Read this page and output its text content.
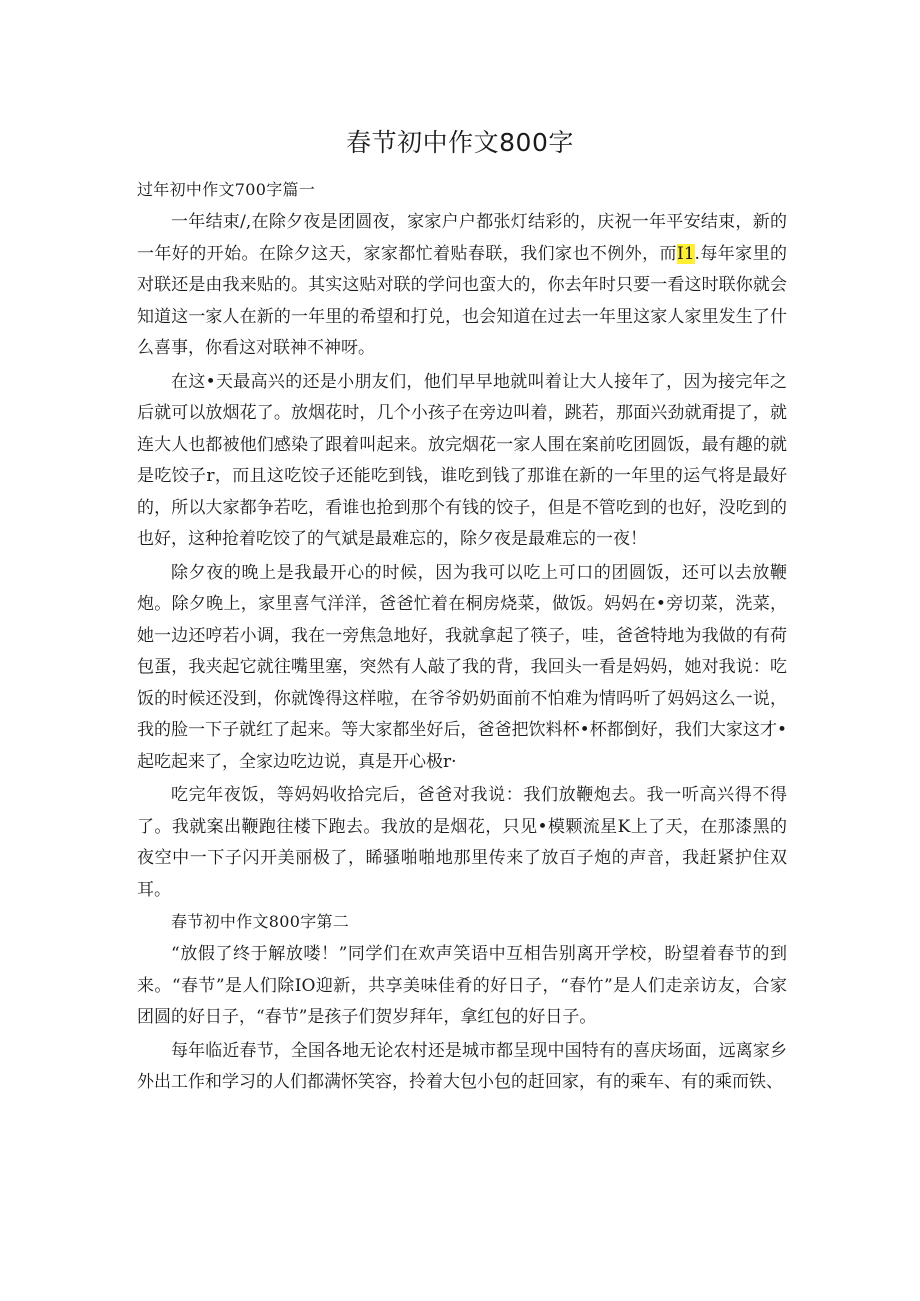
春节初中作文800字
过年初中作文700字篇一

一年结束/,在除夕夜是团圆夜，家家户户都张灯结彩的，庆祝一年平安结束，新的一年好的开始。在除夕这天，家家都忙着贴春联，我们家也不例外，而I1.每年家里的对联还是由我来贴的。其实这贴对联的学问也蛮大的，你去年时只要一看这时联你就会知道这一家人在新的一年里的希望和打兑，也会知道在过去一年里这家人家里发生了什么喜事，你看这对联神不神呀。

在这•天最高兴的还是小朋友们，他们早早地就叫着让大人接年了，因为接完年之后就可以放烟花了。放烟花时，几个小孩子在旁边叫着，跳若，那面兴劲就甭提了，就连大人也都被他们感染了跟着叫起来。放完烟花一家人围在案前吃团圆饭，最有趣的就是吃饺子r，而且这吃饺子还能吃到钱，谁吃到钱了那谁在新的一年里的运气将是最好的，所以大家都争若吃，看谁也抢到那个有钱的饺子，但是不管吃到的也好，没吃到的也好，这种抢着吃饺了的气斌是最难忘的，除夕夜是最难忘的一夜！

除夕夜的晚上是我最开心的时候，因为我可以吃上可口的团圆饭，还可以去放鞭炮。除夕晚上，家里喜气洋洋，爸爸忙着在桐房烧菜，做饭。妈妈在•旁切菜，洗菜，她一边还哼若小调，我在一旁焦急地好，我就拿起了筷子，哇，爸爸特地为我做的有荷包蛋，我夹起它就往嘴里塞，突然有人敲了我的背，我回头一看是妈妈，她对我说：吃饭的时候还没到，你就馋得这样啦，在爷爷奶奶面前不怕难为情吗听了妈妈这么一说，我的脸一下子就红了起来。等大家都坐好后，爸爸把饮料杯•杯都倒好，我们大家这才•起吃起来了，全家边吃边说，真是开心极r·

吃完年夜饭，等妈妈收拾完后，爸爸对我说：我们放鞭炮去。我一听高兴得不得了。我就案出鞭跑往楼下跑去。我放的是烟花，只见•模颗流星K上了天，在那漆黑的夜空中一下子闪开美丽极了，睎骚啪啪地那里传来了放百子炮的声音，我赶紧护住双耳。

春节初中作文800字第二

“放假了终于解放喽！”同学们在欢声笑语中互相告别离开学校，盼望着春节的到来。“春节”是人们除IO迎新，共享美味佳肴的好日子，“春竹”是人们走亲访友，合家团圆的好日子，“春节”是孩子们贺岁拜年，拿红包的好日子。

每年临近春节，全国各地无论农村还是城市都呈现中国特有的喜庆场面，远离家乡外出工作和学习的人们都满怀笑容，拎着大包小包的赶回家，有的乘车、有的乘而铁、
